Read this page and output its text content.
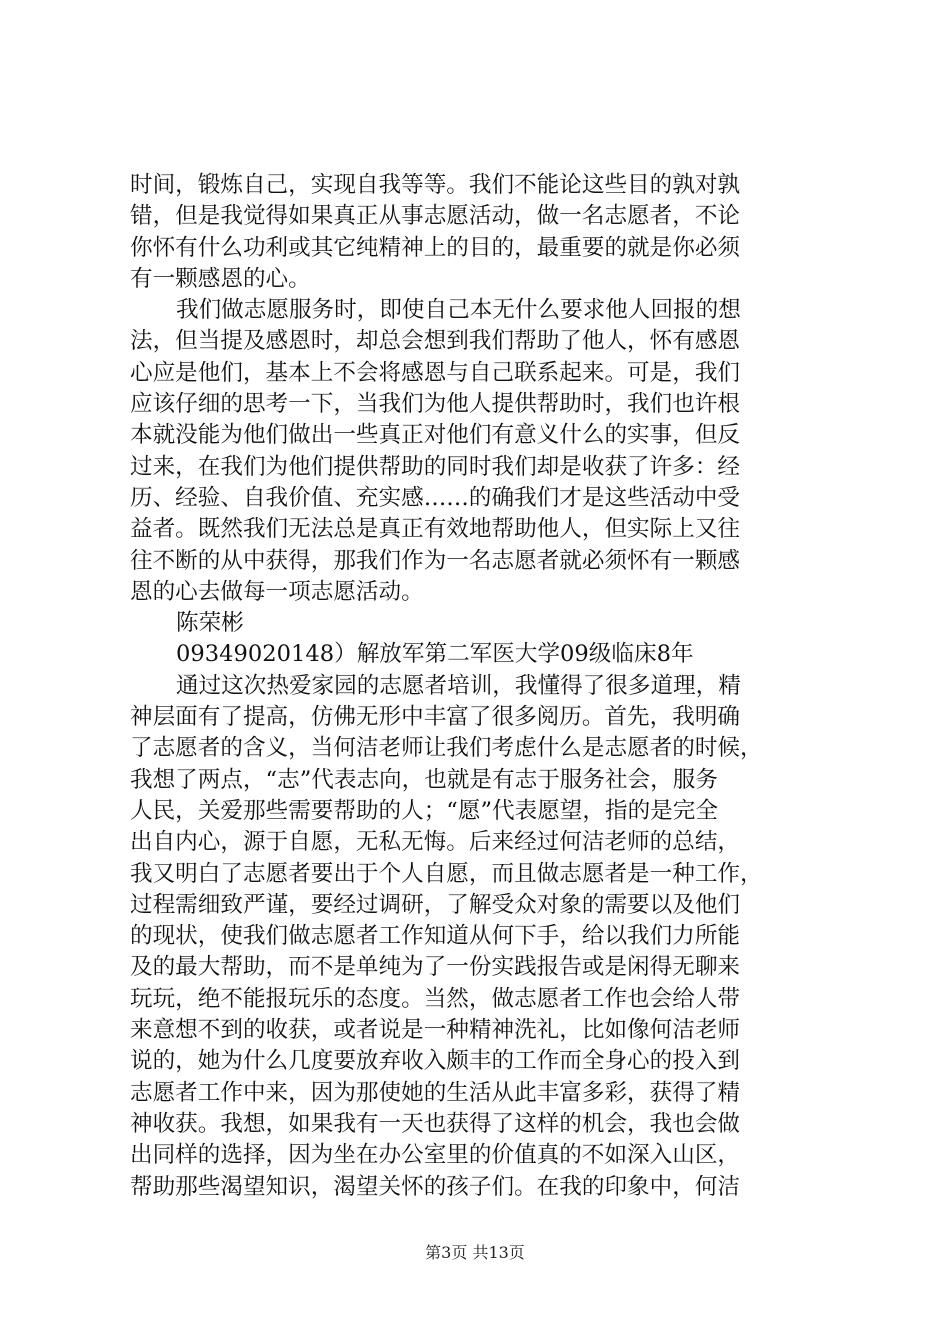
时间，锻炼自己，实现自我等等。我们不能论这些目的孰对孰
错，但是我觉得如果真正从事志愿活动，做一名志愿者，不论
你怀有什么功利或其它纯精神上的目的，最重要的就是你必须
有一颗感恩的心。
我们做志愿服务时，即使自己本无什么要求他人回报的想
法，但当提及感恩时，却总会想到我们帮助了他人，怀有感恩
心应是他们，基本上不会将感恩与自己联系起来。可是，我们
应该仔细的思考一下，当我们为他人提供帮助时，我们也许根
本就没能为他们做出一些真正对他们有意义什么的实事，但反
过来，在我们为他们提供帮助的同时我们却是收获了许多：经
历、经验、自我价值、充实感……的确我们才是这些活动中受
益者。既然我们无法总是真正有效地帮助他人，但实际上又往
往不断的从中获得，那我们作为一名志愿者就必须怀有一颗感
恩的心去做每一项志愿活动。
陈荣彬
09349020148）解放军第二军医大学09级临床8年
通过这次热爱家园的志愿者培训，我懂得了很多道理，精
神层面有了提高，仿佛无形中丰富了很多阅历。首先，我明确
了志愿者的含义，当何洁老师让我们考虑什么是志愿者的时候，
我想了两点，“志”代表志向，也就是有志于服务社会，服务
人民，关爱那些需要帮助的人；“愿”代表愿望，指的是完全
出自内心，源于自愿，无私无悔。后来经过何洁老师的总结，
我又明白了志愿者要出于个人自愿，而且做志愿者是一种工作，
过程需细致严谨，要经过调研，了解受众对象的需要以及他们
的现状，使我们做志愿者工作知道从何下手，给以我们力所能
及的最大帮助，而不是单纯为了一份实践报告或是闲得无聊来
玩玩，绝不能报玩乐的态度。当然，做志愿者工作也会给人带
来意想不到的收获，或者说是一种精神洗礼，比如像何洁老师
说的，她为什么几度要放弃收入颇丰的工作而全身心的投入到
志愿者工作中来，因为那使她的生活从此丰富多彩，获得了精
神收获。我想，如果我有一天也获得了这样的机会，我也会做
出同样的选择，因为坐在办公室里的价值真的不如深入山区，
帮助那些渴望知识，渴望关怀的孩子们。在我的印象中，何洁
第3页 共13页
